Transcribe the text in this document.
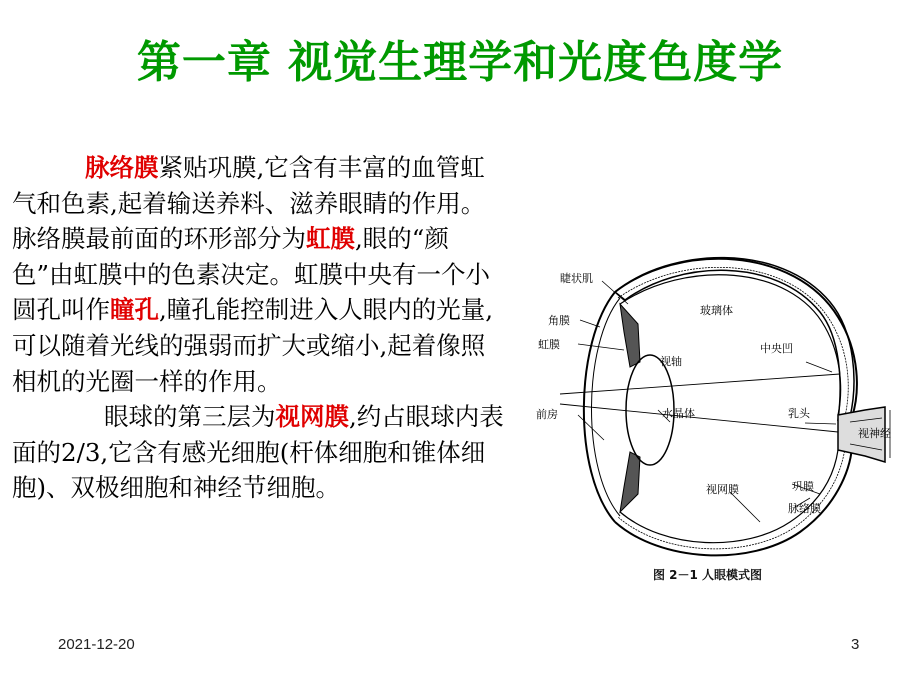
第一章 视觉生理学和光度色度学

脉络膜紧贴巩膜,它含有丰富的血管虹气和色素,起着输送养料、滋养眼睛的作用。脉络膜最前面的环形部分为虹膜,眼的“颜色”由虹膜中的色素决定。虹膜中央有一个小圆孔叫作瞳孔,瞳孔能控制进入人眼内的光量,可以随着光线的强弱而扩大或缩小,起着像照相机的光圈一样的作用。

眼球的第三层为视网膜,约占眼球内表面的2/3,它含有感光细胞(杆体细胞和锥体细胞)、双极细胞和神经节细胞。

睫状肌
玻璃体
角膜
虹膜
视轴
中央凹
前房	水晶体	乳头
视神经
视网膜	巩膜
脉络膜
图 2－1 人眼模式图
2021-12-20	3
